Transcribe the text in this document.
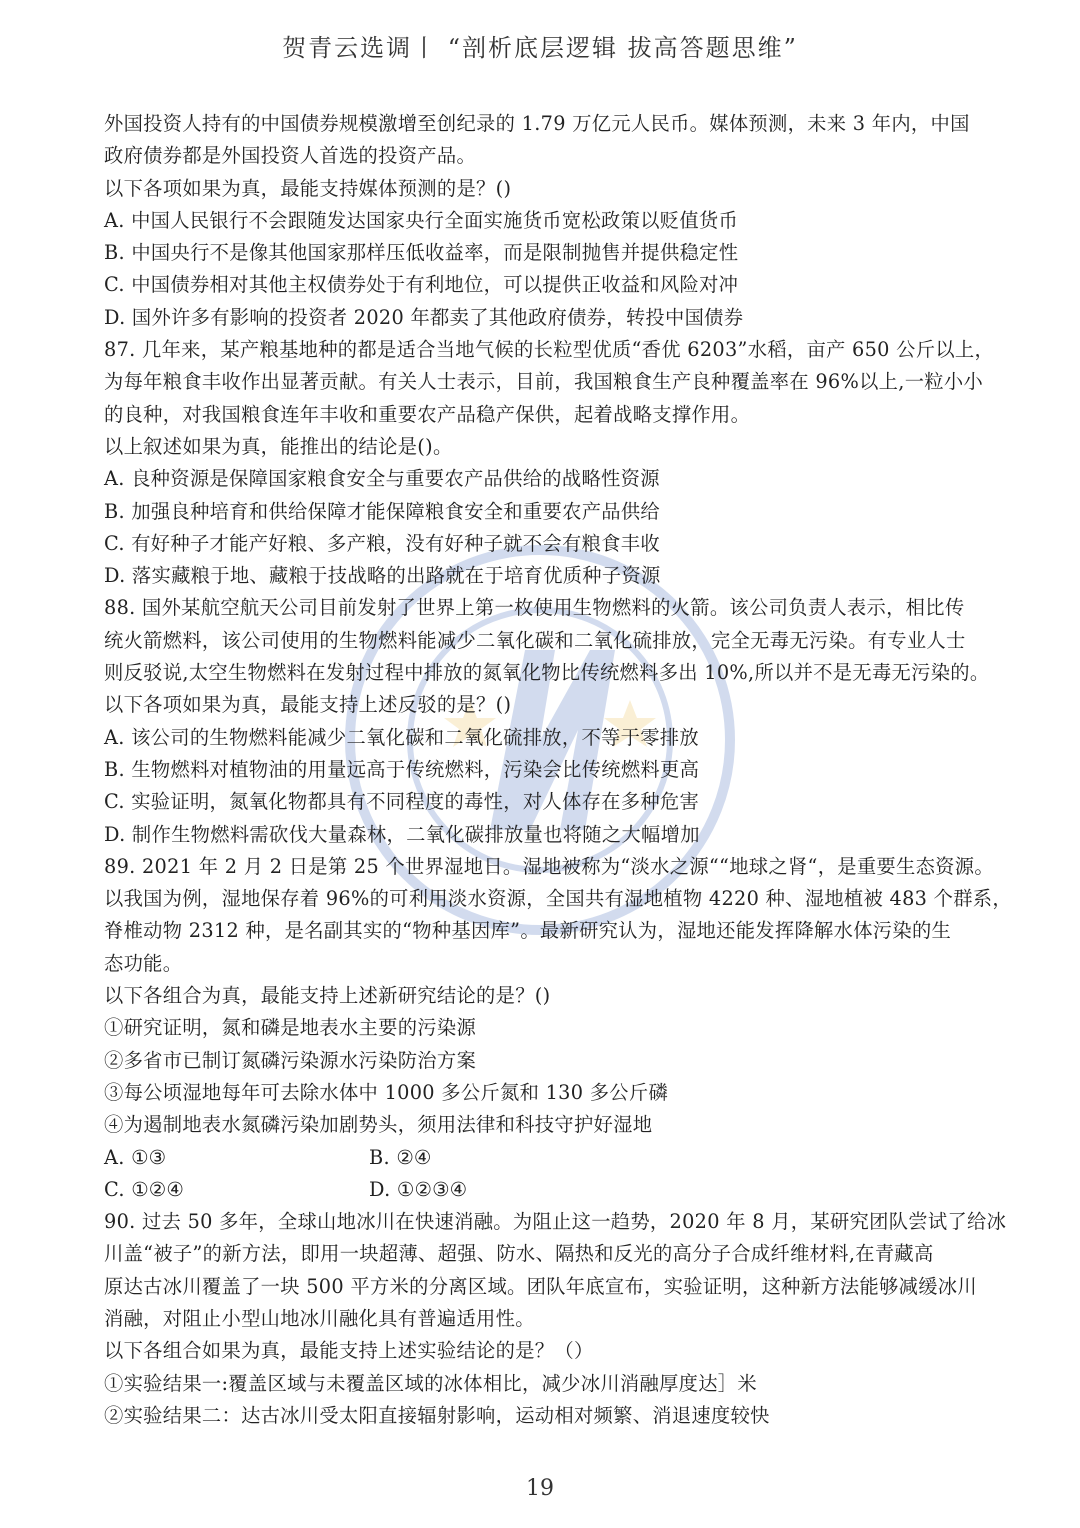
贺青云选调丨 “剖析底层逻辑 拔高答题思维”
外国投资人持有的中国债券规模激增至创纪录的 1.79 万亿元人民币。媒体预测，未来 3 年内，中国
政府债券都是外国投资人首选的投资产品。
以下各项如果为真，最能支持媒体预测的是？()
A. 中国人民银行不会跟随发达国家央行全面实施货币宽松政策以贬值货币
B. 中国央行不是像其他国家那样压低收益率，而是限制抛售并提供稳定性
C. 中国债券相对其他主权债券处于有利地位，可以提供正收益和风险对冲
D. 国外许多有影响的投资者 2020 年都卖了其他政府债券，转投中国债券
87. 几年来，某产粮基地种的都是适合当地气候的长粒型优质“香优 6203”水稻，亩产 650 公斤以上，
为每年粮食丰收作出显著贡献。有关人士表示，目前，我国粮食生产良种覆盖率在 96%以上,一粒小小
的良种，对我国粮食连年丰收和重要农产品稳产保供，起着战略支撑作用。
以上叙述如果为真，能推出的结论是()。
A. 良种资源是保障国家粮食安全与重要农产品供给的战略性资源
B. 加强良种培育和供给保障才能保障粮食安全和重要农产品供给
C. 有好种子才能产好粮、多产粮，没有好种子就不会有粮食丰收
D. 落实藏粮于地、藏粮于技战略的出路就在于培育优质种子资源
88. 国外某航空航天公司目前发射了世界上第一枚使用生物燃料的火箭。该公司负责人表示，相比传
统火箭燃料，该公司使用的生物燃料能减少二氧化碳和二氧化硫排放，完全无毒无污染。有专业人士
则反驳说,太空生物燃料在发射过程中排放的氮氧化物比传统燃料多出 10%,所以并不是无毒无污染的。
以下各项如果为真，最能支持上述反驳的是？()
A. 该公司的生物燃料能减少二氧化碳和二氧化硫排放，不等于零排放
B. 生物燃料对植物油的用量远高于传统燃料，污染会比传统燃料更高
C. 实验证明，氮氧化物都具有不同程度的毒性，对人体存在多种危害
D. 制作生物燃料需砍伐大量森林，二氧化碳排放量也将随之大幅增加
89. 2021 年 2 月 2 日是第 25 个世界湿地日。湿地被称为“淡水之源““地球之肾“，是重要生态资源。
以我国为例，湿地保存着 96%的可利用淡水资源，全国共有湿地植物 4220 种、湿地植被 483 个群系，
脊椎动物 2312 种，是名副其实的“物种基因库”。最新研究认为，湿地还能发挥降解水体污染的生
态功能。
以下各组合为真，最能支持上述新研究结论的是？()
①研究证明，氮和磷是地表水主要的污染源
②多省市已制订氮磷污染源水污染防治方案
③每公顷湿地每年可去除水体中 1000 多公斤氮和 130 多公斤磷
④为遏制地表水氮磷污染加剧势头，须用法律和科技守护好湿地
A. ①③	B. ②④
C. ①②④	D. ①②③④
90. 过去 50 多年，全球山地冰川在快速消融。为阻止这一趋势，2020 年 8 月，某研究团队尝试了给冰
川盖“被子”的新方法，即用一块超薄、超强、防水、隔热和反光的高分子合成纤维材料,在青藏高
原达古冰川覆盖了一块 500 平方米的分离区域。团队年底宣布，实验证明，这种新方法能够减缓冰川
消融，对阻止小型山地冰川融化具有普遍适用性。
以下各组合如果为真，最能支持上述实验结论的是？（）
①实验结果一:覆盖区域与未覆盖区域的冰体相比，减少冰川消融厚度达］米
②实验结果二：达古冰川受太阳直接辐射影响，运动相对频繁、消退速度较快
19
